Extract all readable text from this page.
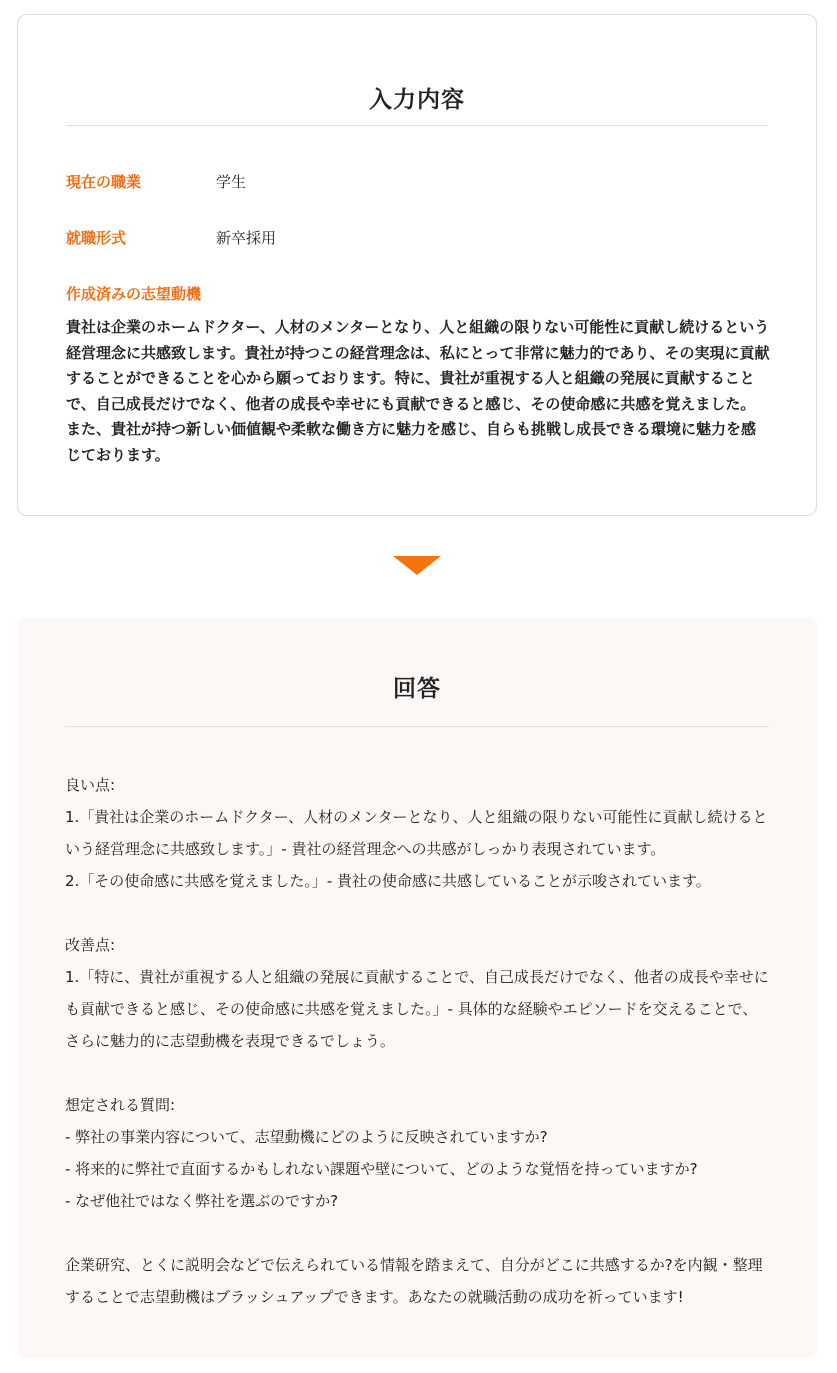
入力内容
現在の職業	学生
就職形式	新卒採用
作成済みの志望動機

貴社は企業のホームドクター、人材のメンターとなり、人と組織の限りない可能性に貢献し続けるという経営理念に共感致します。貴社が持つこの経営理念は、私にとって非常に魅力的であり、その実現に貢献することができることを心から願っております。特に、貴社が重視する人と組織の発展に貢献することで、自己成長だけでなく、他者の成長や幸せにも貢献できると感じ、その使命感に共感を覚えました。また、貴社が持つ新しい価値観や柔軟な働き方に魅力を感じ、自らも挑戦し成長できる環境に魅力を感じております。

回答

良い点:

1.「貴社は企業のホームドクター、人材のメンターとなり、人と組織の限りない可能性に貢献し続けるという経営理念に共感致します。」- 貴社の経営理念への共感がしっかり表現されています。

2.「その使命感に共感を覚えました。」- 貴社の使命感に共感していることが示唆されています。

改善点:

1.「特に、貴社が重視する人と組織の発展に貢献することで、自己成長だけでなく、他者の成長や幸せにも貢献できると感じ、その使命感に共感を覚えました。」- 具体的な経験やエピソードを交えることで、さらに魅力的に志望動機を表現できるでしょう。

想定される質問:

- 弊社の事業内容について、志望動機にどのように反映されていますか?

- 将来的に弊社で直面するかもしれない課題や壁について、どのような覚悟を持っていますか?

- なぜ他社ではなく弊社を選ぶのですか?

企業研究、とくに説明会などで伝えられている情報を踏まえて、自分がどこに共感するか?を内観・整理することで志望動機はブラッシュアップできます。あなたの就職活動の成功を祈っています!
